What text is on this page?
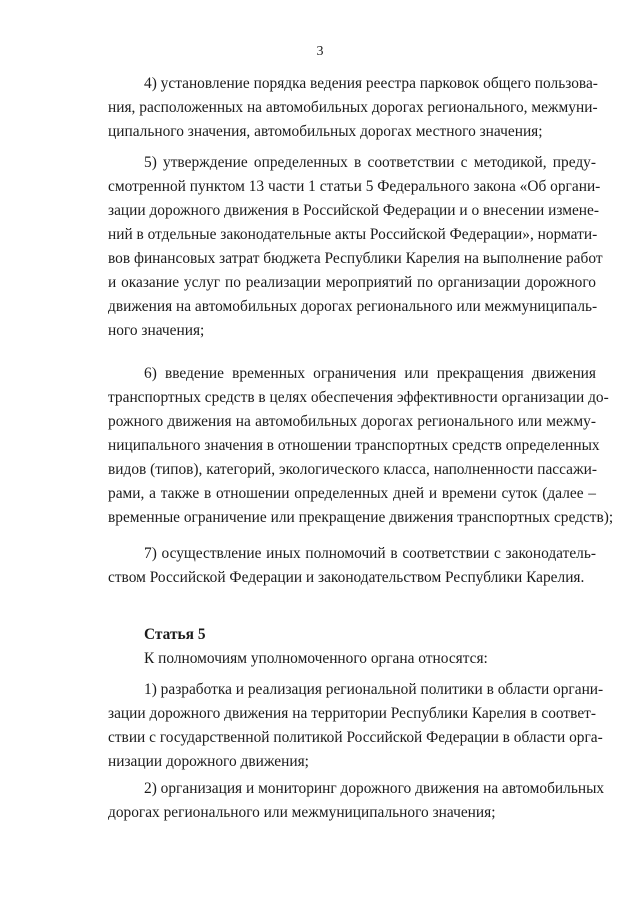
3
4) установление порядка ведения реестра парковок общего пользова-
ния, расположенных на автомобильных дорогах регионального, межмуни-
ципального значения, автомобильных дорогах местного значения;
5) утверждение определенных в соответствии с методикой, преду-
смотренной пунктом 13 части 1 статьи 5 Федерального закона «Об органи-
зации дорожного движения в Российской Федерации и о внесении измене-
ний в отдельные законодательные акты Российской Федерации», нормати-
вов финансовых затрат бюджета Республики Карелия на выполнение работ
и оказание услуг по реализации мероприятий по организации дорожного
движения на автомобильных дорогах регионального или межмуниципаль-
ного значения;
6) введение временных ограничения или прекращения движения
транспортных средств в целях обеспечения эффективности организации до-
рожного движения на автомобильных дорогах регионального или межму-
ниципального значения в отношении транспортных средств определенных
видов (типов), категорий, экологического класса, наполненности пассажи-
рами, а также в отношении определенных дней и времени суток (далее –
временные ограничение или прекращение движения транспортных средств);
7) осуществление иных полномочий в соответствии с законодатель-
ством Российской Федерации и законодательством Республики Карелия.
Статья 5
К полномочиям уполномоченного органа относятся:
1) разработка и реализация региональной политики в области органи-
зации дорожного движения на территории Республики Карелия в соответ-
ствии с государственной политикой Российской Федерации в области орга-
низации дорожного движения;
2) организация и мониторинг дорожного движения на автомобильных
дорогах регионального или межмуниципального значения;
